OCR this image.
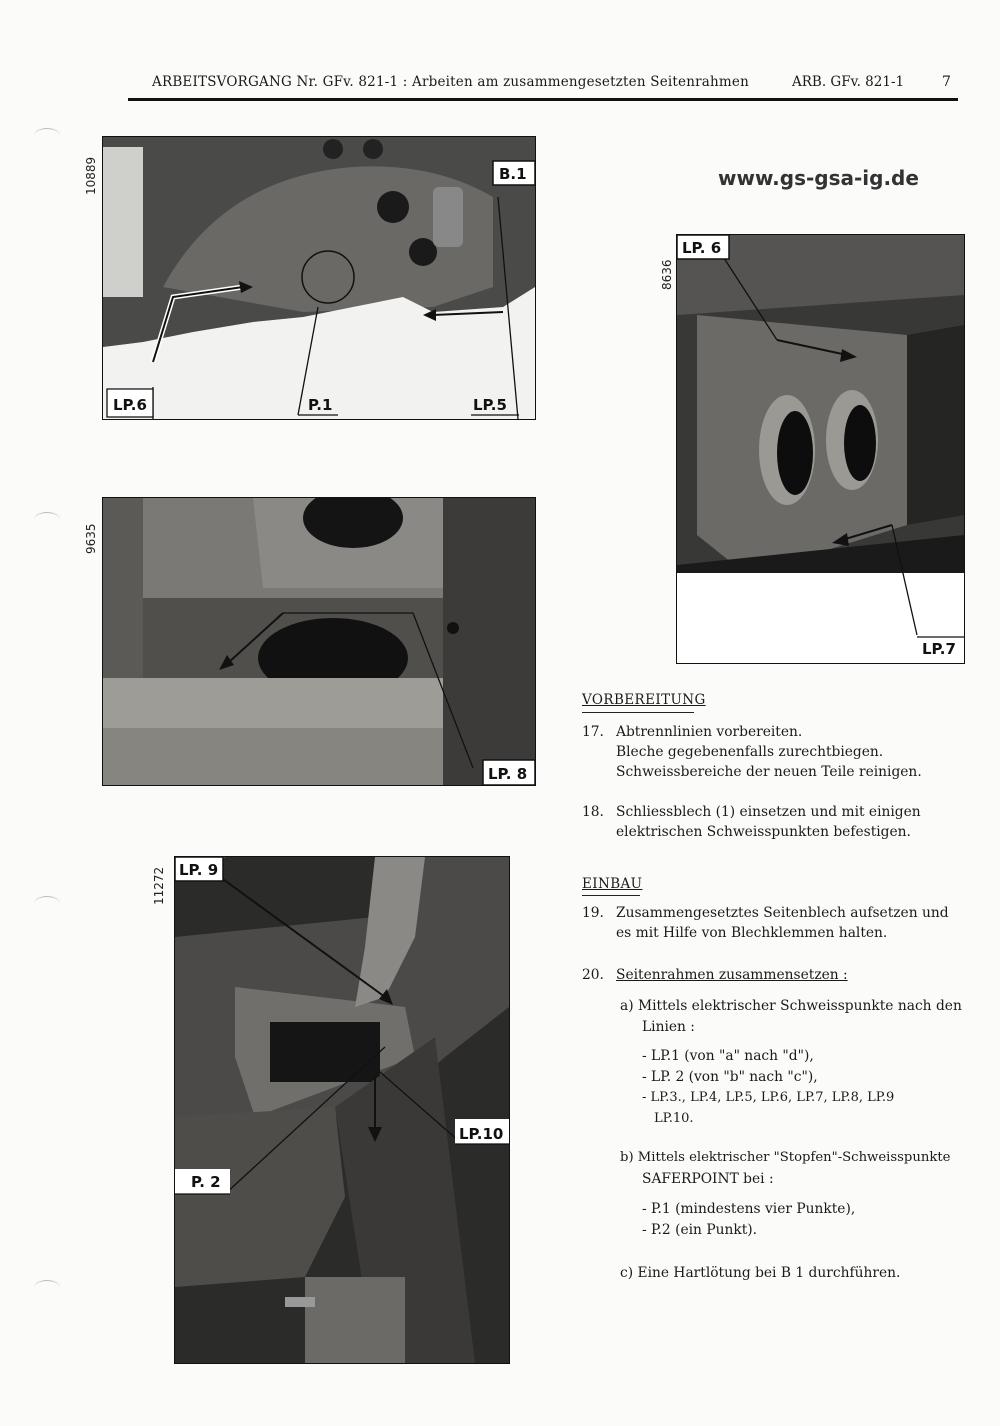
ARBEITSVORGANG Nr. GFv. 821-1 : Arbeiten am zusammengesetzten Seitenrahmen	ARB. GFv. 821-1	7
www.gs-gsa-ig.de
10889
LP.6	P.1	LP.5
B.1
8636
LP. 6
LP.7
9635
LP. 8
11272 LP. 9
P. 2
LP.10
VORBEREITUNG
17. Abtrennlinien vorbereiten.
Bleche gegebenenfalls zurechtbiegen.
Schweissbereiche der neuen Teile reinigen.
18. Schliessblech (1) einsetzen und mit einigen
elektrischen Schweisspunkten befestigen.
EINBAU
19. Zusammengesetztes Seitenblech aufsetzen und
es mit Hilfe von Blechklemmen halten.
20. Seitenrahmen zusammensetzen :
a) Mittels elektrischer Schweisspunkte nach den
Linien :
- LP.1 (von "a" nach "d"),
- LP. 2 (von "b" nach "c"),
- LP.3., LP.4, LP.5, LP.6, LP.7, LP.8, LP.9
LP.10.
b) Mittels elektrischer "Stopfen"-Schweisspunkte
SAFERPOINT bei :
- P.1 (mindestens vier Punkte),
- P.2 (ein Punkt).
c) Eine Hartlötung bei B 1 durchführen.
